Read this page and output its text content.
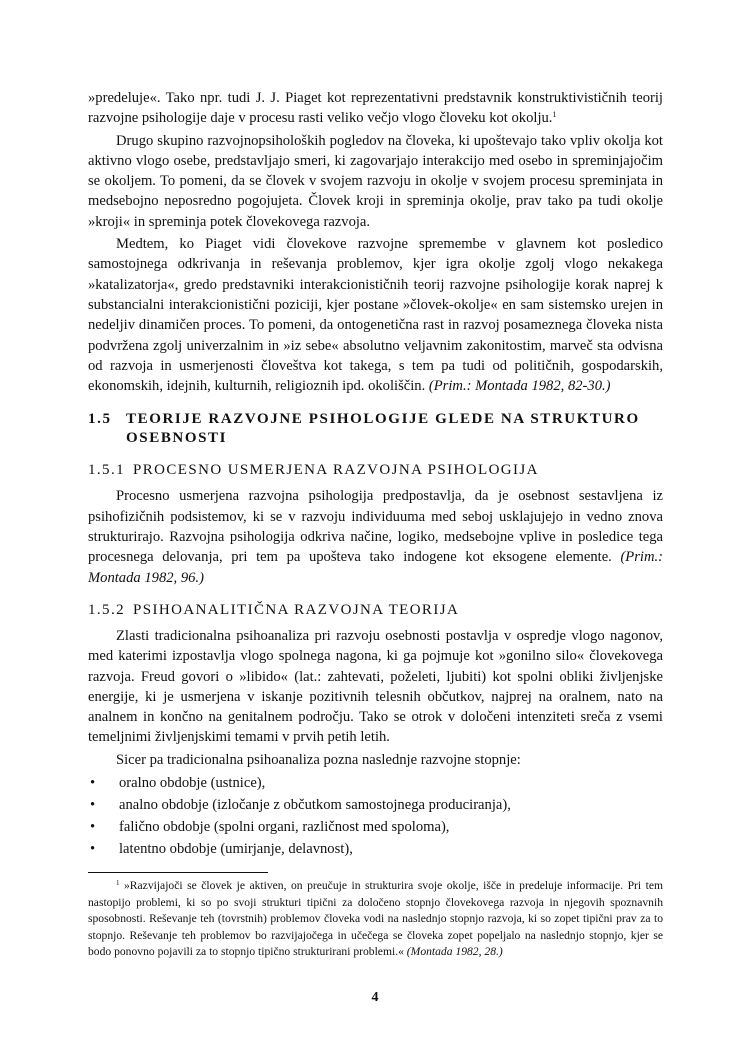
»predeluje«. Tako npr. tudi J. J. Piaget kot reprezentativni predstavnik konstruktivističnih teorij razvojne psihologije daje v procesu rasti veliko večjo vlogo človeku kot okolju.$^1$

Drugo skupino razvojnopsiholoških pogledov na človeka, ki upoštevajo tako vpliv okolja kot aktivno vlogo osebe, predstavljajo smeri, ki zagovarjajo interakcijo med osebo in spreminjajočim se okoljem. To pomeni, da se človek v svojem razvoju in okolje v svojem procesu spreminjata in medsebojno neposredno pogojujeta. Človek kroji in spreminja okolje, prav tako pa tudi okolje »kroji« in spreminja potek človekovega razvoja.

Medtem, ko Piaget vidi človekove razvojne spremembe v glavnem kot posledico samostojnega odkrivanja in reševanja problemov, kjer igra okolje zgolj vlogo nekakega »katalizatorja«, gredo predstavniki interakcionističnih teorij razvojne psihologije korak naprej k substancialni interakcionistični poziciji, kjer postane »človek-okolje« en sam sistemsko urejen in nedeljiv dinamičen proces. To pomeni, da ontogenetična rast in razvoj posameznega človeka nista podvržena zgolj univerzalnim in »iz sebe« absolutno veljavnim zakonitostim, marveč sta odvisna od razvoja in usmerjenosti človeštva kot takega, s tem pa tudi od političnih, gospodarskih, ekonomskih, idejnih, kulturnih, religioznih ipd. okoliščin. (Prim.: Montada 1982, 82-30.)

1.5 TEORIJE RAZVOJNE PSIHOLOGIJE GLEDE NA STRUKTURO OSEBNOSTI
1.5.1 PROCESNO USMERJENA RAZVOJNA PSIHOLOGIJA

Procesno usmerjena razvojna psihologija predpostavlja, da je osebnost sestavljena iz psihofizičnih podsistemov, ki se v razvoju individuuma med seboj usklajujejo in vedno znova strukturirajo. Razvojna psihologija odkriva načine, logiko, medsebojne vplive in posledice tega procesnega delovanja, pri tem pa upošteva tako indogene kot eksogene elemente. (Prim.: Montada 1982, 96.)

1.5.2 PSIHOANALITIČNA RAZVOJNA TEORIJA

Zlasti tradicionalna psihoanaliza pri razvoju osebnosti postavlja v ospredje vlogo nagonov, med katerimi izpostavlja vlogo spolnega nagona, ki ga pojmuje kot »gonilno silo« človekovega razvoja. Freud govori o »libido« (lat.: zahtevati, poželeti, ljubiti) kot spolni obliki življenjske energije, ki je usmerjena v iskanje pozitivnih telesnih občutkov, najprej na oralnem, nato na analnem in končno na genitalnem področju. Tako se otrok v določeni intenziteti sreča z vsemi temeljnimi življenjskimi temami v prvih petih letih.

Sicer pa tradicionalna psihoanaliza pozna naslednje razvojne stopnje:

•	oralno obdobje (ustnice),
•	analno obdobje (izločanje z občutkom samostojnega produciranja),
•	falično obdobje (spolni organi, različnost med spoloma),
•	latentno obdobje (umirjanje, delavnost),
$^1$ »Razvijajoči se človek je aktiven, on preučuje in strukturira svoje okolje, išče in predeluje informacije. Pri tem nastopijo problemi, ki so po svoji strukturi tipični za določeno stopnjo človekovega razvoja in njegovih spoznavnih sposobnosti. Reševanje teh (tovrstnih) problemov človeka vodi na naslednjo stopnjo razvoja, ki so zopet tipični prav za to stopnjo. Reševanje teh problemov bo razvijajočega in učečega se človeka zopet popeljalo na naslednjo stopnjo, kjer se bodo ponovno pojavili za to stopnjo tipično strukturirani problemi.« (Montada 1982, 28.)
4
